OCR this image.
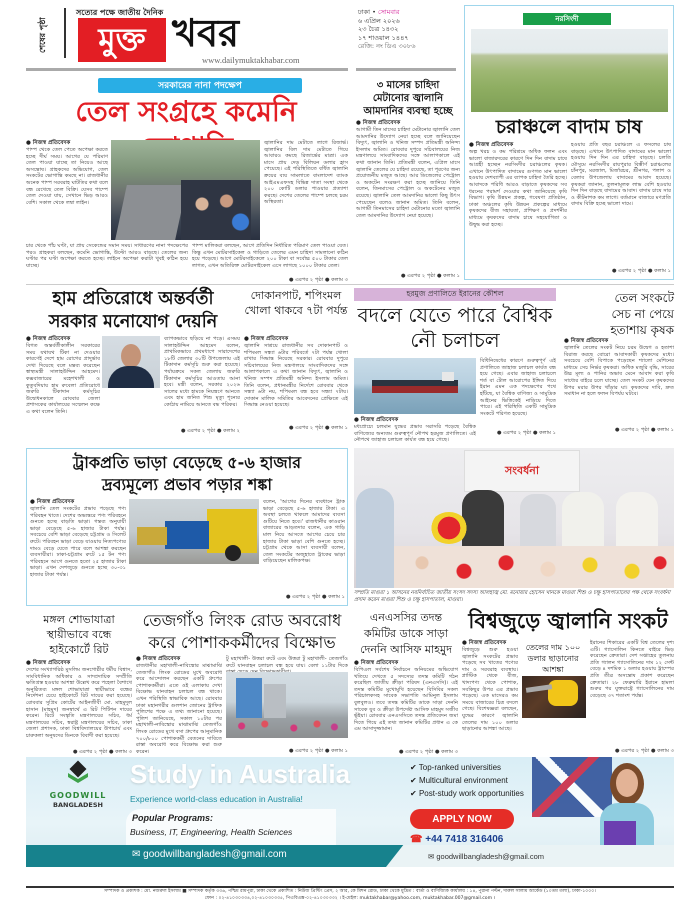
শেষের পৃষ্ঠা
সত্যের পক্ষে জাতীয় দৈনিক
মুক্ত খবর
www.dailymuktakhabar.com
ঢাকা • সোমবার
৬ এপ্রিল ২০২৬
২৩ চৈত্র ১৪৩২
১৭ শাওয়াল ১৪৪৭
রেজি: নং ডিএ ৩০৮৬
সরকারের নানা পদক্ষেপ
তেল সংগ্রহে কমেনি
● নিজস্ব প্রতিবেদক
পাম্প থেকে তেল পেতে অপেক্ষা করতে হচ্ছে দীর্ঘ সময়। আগের যে পরিমাণ তেল পাওয়া যাচ্ছে তা নিয়েও আছে অসন্তোষ। গ্রাহকদের অভিযোগ, তেল সংকটের ভোগান্তি কমছে না। রাজধানীর অনেক পাম্প সরবরাহ ঘাটতির কথা বলে বন্ধ রেখেছে তেল বিক্রি। যেসব পাম্পে তেল দেওয়া যায়, সেখানে ভিড় আরও বেশি। সকাল থেকে লম্বা লাইন।
জ্বালানির দাম মেটাতে লাগে রিজার্ভ। জ্বালানির বিল দাম মেটাতে গিয়ে আবারও কমছে রিজার্ভের মাত্রা। এক মাসে প্রায় দেড় বিলিয়ন ডলার হ্রাস পেয়েছে। এই পরিস্থিতিতে বর্ধিত জ্বালানি ক্রয়ের ব্যয় সামলাতে বাংলাদেশ ব্যাংক আইএমএফসহ বিভিন্ন দাতা সংস্থা থেকে ২০০ কোটি ডলার পাওয়ার প্রত্যাশা করছে। দেশের তেলের পাম্পে চলছে চরম অস্থিরতা।
চার থেকে পাঁচ ঘণ্টা, যা প্রায় সেকেন্ডের সমান সময়। সাধারণের নানা পদক্ষেপের পরও গ্রাহকরা বলছেন, কমেনি ভোগান্তি, উল্টো আরও বাড়ছে। তেলের জন্য ঘণ্টার পর ঘণ্টা অপেক্ষা করতে হচ্ছে। লাইনে অপেক্ষা করাটা খুবই কঠিন হয়ে যাচ্ছে।
পাম্প মালিকরা বলছেন, আগে প্রতিদিন নির্ধারিত পরিমাণ তেল পাওয়া যেত। কিন্তু এখন মোটরসাইকেল ও গাড়িতে তেলের এমন চাহিদা সামলানো কঠিন হয়ে পড়েছে। আগে মোটরসাইকেলে ২০০ টাকা বা সর্বোচ্চ ৫০০ টাকার তেল লাগত, এখন অতিরিক্ত মোটরসাইকেল এসে লাগছে ১০০০ টাকার তেল।
● এরপর ২ পৃষ্ঠা ● কলাম ৩
৩ মাসের চাহিদা মেটানোর জ্বালানি আমদানির ব্যবস্থা হচ্ছে
● নিজস্ব প্রতিবেদক
আগামী তিন মাসের চাহিদা মেটানোর জ্বালানি তেল আমদানির উদ্যোগ নেয়া হচ্ছে বলে জানিয়েছেন বিদ্যুৎ, জ্বালানি ও খনিজ সম্পদ প্রতিমন্ত্রী অনিন্দ্য ইসলাম অমিত। রোববার দুপুরে সচিবালয়ের নিজ মন্ত্রণালয়ে সাংবাদিকদের সঙ্গে আলাপকালে এই কথা জানান তিনি। প্রতিমন্ত্রী বলেন, এপ্রিল মাসে জ্বালানি তেলের যে চাহিদা রয়েছে, তা পূরণের জন্য প্রয়োজনীয় মজুত আছে। আর ডিজেলের পেট্রোল ও অকটেন সংরক্ষণ করা হচ্ছে জানিয়ে তিনি বলেন, তিনমাসের পেট্রোল ও অকটেনের মজুত রয়েছে। জ্বালানি তেল আমদানির ভালো কিছু উৎস পেয়েছেন বলেও জানান অমিত। তিনি বলেন, আগামী তিনমাসের চাহিদা মেটানোর মতো জ্বালানি তেল আমদানির উদ্যোগ নেয়া হয়েছে।
● এরপর ২ পৃষ্ঠা ● কলাম ১
নরসিংদী
চরাঞ্চলে বাদাম চাষ
● নিজস্ব প্রতিবেদক
অল্প খরচ ও কম পরিশ্রমে অধিক ফলন এবং ভালো বাজারদরের কারণে দিন দিন বাদাম চাষে আগ্রহী হচ্ছেন নরসিংদীর চরাঞ্চলের কৃষক। এখানে উৎপাদিত বাদামের গুণগত মান ভালো হওয়ায় দেশব্যাপী এর ব্যাপক চাহিদা তৈরি হচ্ছে। আবাদকে পরিধি আরও বাড়াতে কৃষকদের সব ধরনের পরামর্শ দেওয়ার কথা জানিয়েছে কৃষি বিভাগ। কৃষি উন্নয়ন প্রকল্প, গবেষণা প্রতিষ্ঠান, ঢাকা অঞ্চলের কৃষি উন্নয়ন প্রকল্পের মাধ্যমে কৃষকদের বীজ সহায়তা, প্রশিক্ষণ ও প্রদর্শনীর মাধ্যমে কৃষকদের বাদাম চাষে সহযোগিতা ও উদ্বুদ্ধ করা হচ্ছে।
হওয়ায় প্রতি বছর চরাঞ্চলে এ ফসলের চাষ বাড়ছে। এখানে উৎপাদিত বাদামের মান ভালো হওয়ায় দিন দিন এর চাহিদা বাড়ছে। চলতি মৌসুমে নরসিংদীর রায়পুরার বিস্তীর্ণ চরাঞ্চলের চাঁনপুর, মরজাল, মির্জারচর, শ্রীনগর, পলাশ ও বেলাব উপজেলায় বাদামের আবাদ হয়েছে। কৃষকরা জানান, তুলনামূলক লাভ বেশি হওয়ায় দিন দিন বাড়ছে বাদামের আবাদ। বাদাম চাষে সার ও কীটনাশক কম লাগে। বর্তমানে বাজারে মণপ্রতি বাদাম বিক্রি হচ্ছে ভালো দামে।
● এরপর ২ পৃষ্ঠা ● কলাম ১
হাম প্রতিরোধে অন্তর্বর্তী সরকার মনোযোগ দেয়নি
● নিজস্ব প্রতিবেদক
বিগত অন্তর্বর্তীকালীন সরকারের সময় যথাযথ টিকা না দেওয়ার কারণেই দেশে হাম রোগের প্রাদুর্ভাব দেখা দিয়েছে বলে মন্তব্য করেছেন স্বাস্থ্যমন্ত্রী সালাহউদ্দিন আহমেদ। কক্সবাজারের মহেশখালী ও কুতুবদিয়ায় হাম রুবেলা প্রতিরোধে জরুরি টিকাদান কর্মসূচির উদ্বোধনকালে রোববার জেলা প্রশাসকের কার্যালয়ের সম্মেলন কক্ষে এ কথা বলেন তিনি।
ব্যাপকভাবে ছড়িয়ে না পড়ে। এসময় সালাহউদ্দিন আহমেদ বলেন, প্রাথমিকভাবে প্রথমধাপে সারাদেশের ১৮টি জেলার ৩০টি উপজেলায় এই টিকাদান কর্মসূচি শুরু করা হয়েছে। পর্যায়ক্রমে সকল জেলায় জরুরি টিকাদান কর্মসূচির আওতায় আনা হবে। মন্ত্রী বলেন, সরকার ২০২৬ সালের মধ্যে হামকে নিয়ন্ত্রণে আনতে এবং হাম জনিত শিশু মৃত্যু শূন্যের কোঠায় নামিয়ে আনতে বদ্ধ পরিকর।
● এরপর ২ পৃষ্ঠা ● কলাম ২
দোকানপাট, শপিংমল খোলা থাকবে ৭টা পর্যন্ত
● নিজস্ব প্রতিবেদক
জ্বালানি সাশ্রয়ে রাজধানীর সব দোকানপাট ও শপিংমল সন্ধ্যা ৬টার পরিবর্তে ৭টা পর্যন্ত খোলা রাখার সিদ্ধান্ত নিয়েছে সরকার। রোববার দুপুরে সচিবালয়ের নিজ মন্ত্রণালয়ে সাংবাদিকদের সঙ্গে আলাপকালে এ কথা জানান বিদ্যুৎ, জ্বালানি ও খনিজ সম্পদ প্রতিমন্ত্রী অনিন্দ্য ইসলাম অমিত। তিনি বলেন, প্রধানমন্ত্রীর নির্দেশে রোববার থেকে সন্ধ্যা ৬টা নয়, শপিংমল বন্ধ হবে সন্ধ্যা ৭টায়। দোকান মালিক সমিতির আবেদনের প্রেক্ষিতে এই সিদ্ধান্ত নেওয়া হয়েছে।
● এরপর ২ পৃষ্ঠা ● কলাম ১
হরমুজ প্রণালিতে ইরানের কৌশল
বদলে যেতে পারে বৈশ্বিক নৌ চলাচল
● নিজস্ব প্রতিবেদক
মধ্যপ্রাচ্যে চলমান যুদ্ধের প্রভাব সরাসরি পড়েছে বৈশ্বিক বাণিজ্যের অন্যতম গুরুত্বপূর্ণ নৌপথ হরমুজ প্রণালিতে। এই নৌপথে জাহাজ চলাচল কার্যত বন্ধ হয়ে গেছে।
বিধিনিষেধের কারণে গুরুত্বপূর্ণ এই প্রণালিতে জাহাজ চলাচল কার্যত বন্ধ হয়ে গেছে। এবার জাহাজ চলাচলে শর্ত বা টোল আরোপের ইঙ্গিত দিয়ে ইরান এমন এক পদক্ষেপের পথে হাঁটছে, যা বৈশ্বিক বাণিজ্য ও সামুদ্রিক আইনের ভিত্তিকেই নাড়িয়ে দিতে পারে। এই পরিস্থিতি একটি সামুদ্রিক সংকটে পরিণত হয়েছে।
● এরপর ২ পৃষ্ঠা ● কলাম ১
তেল সংকটে সেচ না পেয়ে হতাশায় কৃষক
● নিজস্ব প্রতিবেদক
জ্বালানি তেলের সংকট নিয়ে চরম উদ্বেগ ও হতাশা বিরাজ করছে বোরো আবাদকারী কৃষকদের মধ্যে। সবচেয়ে বেশি বিপাকে পড়েছেন শ্যালো মেশিনের মাধ্যমে সেচ নির্ভর কৃষকরা। অধিক মজুরি বৃদ্ধি, সারের উচ্চ মূল্য ও পানির অভাব মেনে আবাদ করা কৃষি সাধ্যের বাইরে চলে যাচ্ছে। তেল সংকট যেন কৃষকদের উপর মরার উপর খাঁড়ার ঘা। কৃষকদের দাবি, দ্রুত সমাধান না হলে ফলন বিপর্যয় ঘটবে।
● এরপর ২ পৃষ্ঠা ● কলাম ১
ট্রাকপ্রতি ভাড়া বেড়েছে ৫-৬ হাজার
দ্রব্যমূল্যে প্রভাব পড়ার শঙ্কা
● নিজস্ব প্রতিবেদক
জ্বালানি তেল সংকটের প্রভাব পড়েছে পণ্য পরিবহন খাতে। দেশের অভ্যন্তরে পণ্য পরিবহনে গুনতে হচ্ছে বাড়তি ভাড়া। গন্তব্য অনুযায়ী ভাড়া বেড়েছে ৫-৬ হাজার টাকা পর্যন্ত। সবচেয়ে বেশি ভাড়া বেড়েছে চট্টগ্রাম ও সিলেট রুটে। পরিবহন ভাড়া বেড়ে যাওয়ায় নিত্যপণ্যের দামও বেড়ে যেতে পারে বলে আশঙ্কা করছেন ব্যবসায়ীরা। ঢাকা-চট্টগ্রাম রুটে ১৫ টন পণ্য পরিবহনে আগে গুনতে হতো ২৫ হাজার টাকা ভাড়া। এখন দেশজুড়ে গুনতে হচ্ছে ৩০-৩১ হাজার টাকা পর্যন্ত।
বলেন, 'আগের দিনের ব্যবধানে ট্রাক ভাড়া বেড়েছে ৫-৬ হাজার টাকা। এ অবস্থা চলতে থাকলে আমাদের ব্যবসা গুটিয়ে নিতে হবে।' রাজধানীর কাওরান বাজারের আড়তদার বলেন, এক গাড়ি মাল নিয়ে আসতে আগের চেয়ে চার হাজার টাকা ভাড়া বেশি গুনতে হচ্ছে। চট্টগ্রাম থেকে আসা ব্যবসায়ী বলেন, তেল সংকটের অজুহাতে ট্রাকের ভাড়া বাড়িয়েছেন মালিকপক্ষ।
● এরপর ২ পৃষ্ঠা ● কলাম ১
সংবর্ধনা
সম্প্রতি মাগুরা ১ আসনের নবনির্বাচিত জাতীয় সংসদ সদস্য আলহাজ্ব মো. মনোয়ার হোসেন খানকে মাগুরা শিশু ও চক্ষু হাসপাতালের পক্ষ থেকে সংবর্ধনা প্রদান করেন মাগুরা শিশু ও চক্ষু হাসপাতাল, মাগুরা।
মঙ্গল শোভাযাত্রা স্থায়ীভাবে বন্ধে হাইকোর্টে রিট
● নিজস্ব প্রতিবেদক
দেশের সংখ্যাগরিষ্ঠ মুসলিম জনগোষ্ঠীর ধর্মীয় বিশ্বাস, সাংবিধানিক অধিকার ও সাম্প্রদায়িক সম্প্রীতি ক্ষতিগ্রস্ত হওয়ার আশঙ্কা উল্লেখ করে পহেলা বৈশাখে অনুষ্ঠিতব্য মঙ্গল শোভাযাত্রা স্থায়ীভাবে বন্ধের নির্দেশনা চেয়ে হাইকোর্টে রিট দায়ের করা হয়েছে। রোববার সুপ্রিম কোর্টের আইনজীবী মো. মাহমুদুল হাসান (মাহমুদ) জনস্বার্থে এ রিট পিটিশন দায়ের করেন। রিটে সংস্কৃতি মন্ত্রণালয়ের সচিব, ধর্ম মন্ত্রণালয়ের সচিব, স্বরাষ্ট্র মন্ত্রণালয়ের সচিব, ঢাকা জেলা প্রশাসক, ঢাকা বিশ্ববিদ্যালয়ের উপাচার্য এবং চারুকলা অনুষদের ডিনকে বিবাদী করা হয়েছে।
● এরপর ২ পৃষ্ঠা ● কলাম ৩
তেজগাঁও লিংক রোড অবরোধ করে পোশাককর্মীদের বিক্ষোভ
● নিজস্ব প্রতিবেদক
রাজধানীর মহাখালী-নাবিস্কোর মাঝামাঝি তেজগাঁও লিংক রোডের মুখে অবরোধ করে আন্দোলন করছেন একটি গ্রুপের পোশাককর্মীরা। এতে ওই এলাকায় দেখা বিক্ষোভ যানবাহন চলাচল বন্ধ থাকে। এখন পরিস্থিতি স্বাভাবিক আছে। রোববার ঢাকা মহানগরীর গুলশান জোনের ট্রাফিক পুলিশের পক্ষে এ তথ্য জানানো হয়েছে। পুলিশ জানিয়েছে, সকাল ১০টার পর মহাখালী-নাবিস্কোর মাঝামাঝি তেজগাঁও লিংক রোডের মুখে বসা গ্রুপের আনুমানিক ৭০০/৮০০ পোশাককর্মী বেতনের দাবিতে রাস্তা অবরোধ করে বিক্ষোভ করা শুরু করেন।
টু মহাখালী- উত্তরা রুটে এবং উত্তরা টু মহাখালী- তেজগাঁও রুটে যানবাহন চলাচল বন্ধ হয়ে যায়। বেলা ১১টার দিকে
● এরপর ২ পৃষ্ঠা ● কলাম ১
এনএসসির তদন্ত কমিটির ডাকে সাড়া দেননি আসিফ মাহমুদ
● নিজস্ব প্রতিবেদক
বিপিএল সর্বশেষ নির্বাচনে অনিয়মের অভিযোগ খতিয়ে দেখতে ৫ সদস্যের তদন্ত কমিটি গঠন করেছিল জাতীয় ক্রীড়া পরিষদ (এনএসসি)। এই তদন্ত কমিটির মুখোমুখি হয়েছেন বিসিবির সকল পরিচালকসহ সাবেক সভাপতি আমিনুল ইসলাম বুলবুলও। তবে তদন্ত কমিটির ডাকে সাড়া দেননি সাবেক যুব ও ক্রীড়া উপদেষ্টা আসিফ মাহমুদ সজীব ভূঁইয়া। রোববার এনএসসিতে তদন্ত প্রতিবেদন জমা দিতে গিয়ে এই তথ্য জানান কমিটির প্রধান এ কে এম আসাদুজ্জামান।
● এরপর ২ পৃষ্ঠা ● কলাম ৩
বিশ্বজুড়ে জ্বালানি সংকট
● নিজস্ব প্রতিবেদক
বিশ্বজুড়ে শুরু হওয়া জ্বালানি সংকটের প্রভাব পড়েছে সব খাতের পণ্যের দাম ও সরবরাহ ব্যবস্থায়। প্লাস্টিক থেকে বীজ, খাদ্যপণ্য থেকে পোশাক, সবকিছুর উপর এর প্রভাব পড়েছে। এক মাসেরও কম সময়ে বাজারের চিত্র বদলে গেছে। বিশেষজ্ঞরা বলছেন, যুদ্ধের কারণে জ্বালানি তেলের দাম ১০০ ডলার ছাড়ানোর আশঙ্কা আছে।
তেলের দাম ১০০ ডলার ছাড়ানোর আশঙ্কা
ইরানের শিকারের একটি বিশ্ব তেলের দৃশ্য এটি। গ্যাসোলিন কিনতে বাইরে ভিড় করেছেন ক্রেতারা। দেশ সপ্তাহের তুলনায় প্রতি গ্যালন গ্যাসোলিনের দাম ১২ সেন্ট বেড়ে ৪ দশমিক ১ ডলার হওয়ায় ট্রাম্পের প্রতি তীব্র অসন্তোষ প্রকাশ করেছেন ক্রেতারা। ২৮ ফেব্রুয়ারি ইরানে হামলা শুরুর পর যুক্তরাষ্ট্রে গ্যাসোলিনের দাম বেড়েছে ৩৭ শতাংশ পর্যন্ত।
● এরপর ২ পৃষ্ঠা ● কলাম ৩
GOODWILL
BANGLADESH
Study in Australia
Experience world-class education in Australia!
Popular Programs:
Business, IT, Engineering, Health Sciences
✔ Top-ranked universities
✔ Multicultural environment
✔ Post-study work opportunities
APPLY NOW
✉ goodwillbangladesh@gmail.com
☎ +44 7418 316406
✉ goodwillbangladesh@gmail.com
সম্পাদক ও প্রকাশক : মো. নজরুল ইসলাম ■ সম্পাদক কর্তৃক ৩৩৬, পশ্চিম রামপুরা, ঢাকা থেকে প্রকাশিত : নিউজ প্রিন্টিং প্রেস, ২ আর, কে মিশন রোড, ঢাকা থেকে মুদ্রিত : বার্তা ও বাণিজ্যিক কার্যালয় : ১৪, পুরানা পল্টন, দারুল সালাম আর্কেড (১০তম তলা), ঢাকা-১০০০।
ফোন : ০২-৪১০৩০৩৩৪,০২-৪১০৩০৩৩৫, পিএবিএক্স-০২-৪১০৩০৩৩২ । ই-মেইল: muktakhabar@yahoo.com, muktakhabar.007@gmail.com ।
